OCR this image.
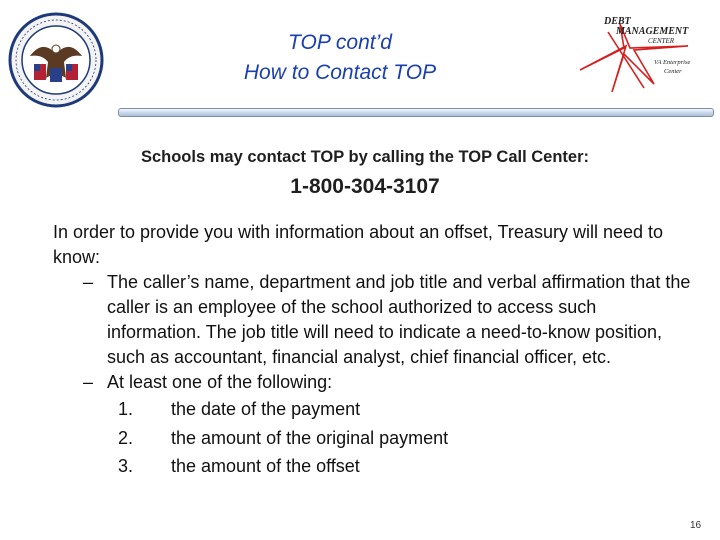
TOP cont’d
How to Contact TOP
DEBT
MANAGEMENT
CENTER
VA Enterprise
Center
Schools may contact TOP by calling the TOP Call Center:
1-800-304-3107

In order to provide you with information about an offset, Treasury will need to know:

– The caller’s name, department and job title and verbal affirmation that the caller is an employee of the school authorized to access such information. The job title will need to indicate a need-to-know position, such as accountant, financial analyst, chief financial officer, etc.

– At least one of the following:

1. the date of the payment
2. the amount of the original payment
3. the amount of the offset
16
